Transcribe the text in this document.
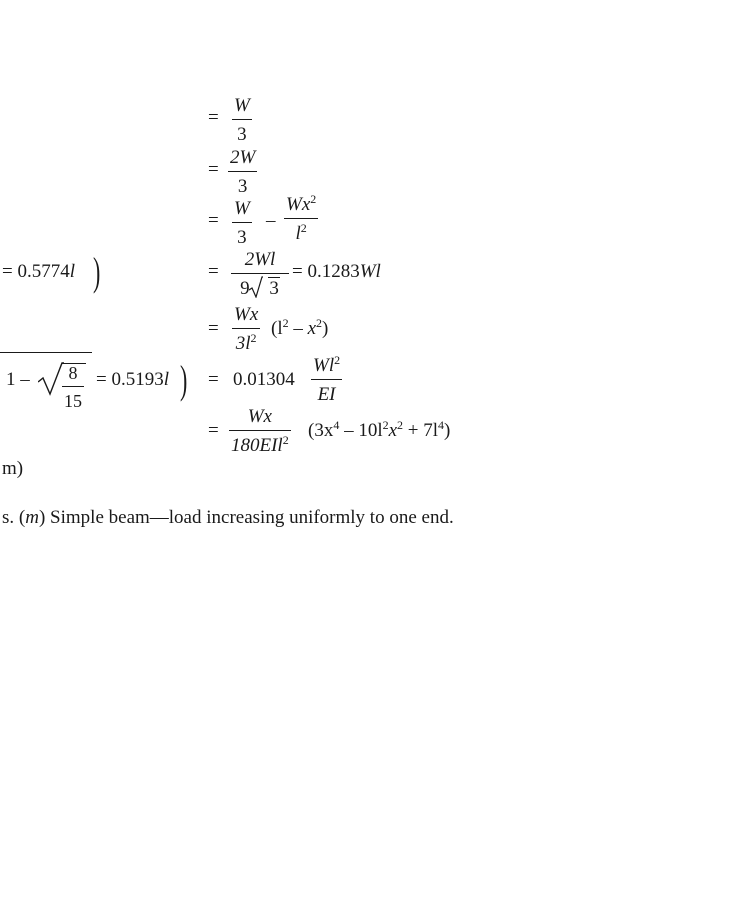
=
W
3
=
2W
3
=
W
3
–
Wx$^2$
$l^2$
= 0.5774l )	=
2Wl
9 3
= 0.1283Wl
=
Wx
$3l^2$ $(l^2 - x^2)$
1 –	8
15
= 0.5193l ) = 0.01304
Wl$^2$
EI
=
Wx
180EIl$^2$ $(3x^4 - 10l^2x^2 + 7l^4)$
m)
s. (m) Simple beam—load increasing uniformly to one end.
